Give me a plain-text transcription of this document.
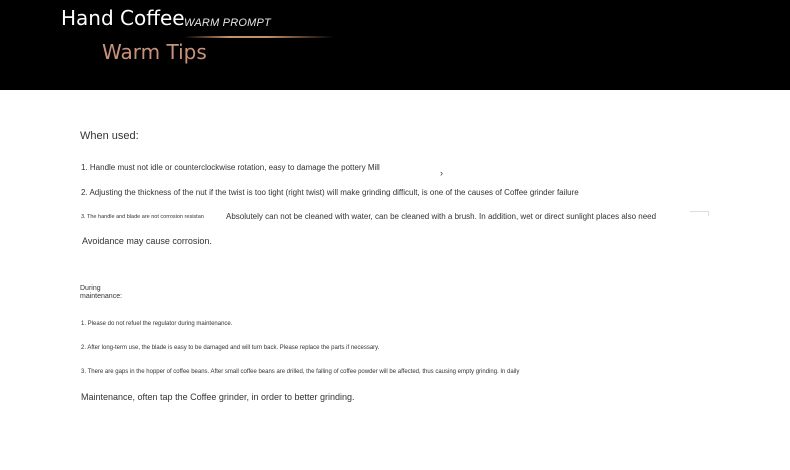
Hand Coffee WARM PROMPT
Warm Tips
When used:
1. Handle must not idle or counterclockwise rotation, easy to damage the pottery Mill
›
2. Adjusting the thickness of the nut if the twist is too tight (right twist) will make grinding difficult, is one of the causes of Coffee grinder failure
3. The handle and blade are not corrosion resistan	Absolutely can not be cleaned with water, can be cleaned with a brush. In addition, wet or direct sunlight places also need
Avoidance may cause corrosion.
During
maintenance:
1. Please do not refuel the regulator during maintenance.
2. After long-term use, the blade is easy to be damaged and will turn back. Please replace the parts if necessary.
3. There are gaps in the hopper of coffee beans. After small coffee beans are drilled, the falling of coffee powder will be affected, thus causing empty grinding. In daily
Maintenance, often tap the Coffee grinder, in order to better grinding.
